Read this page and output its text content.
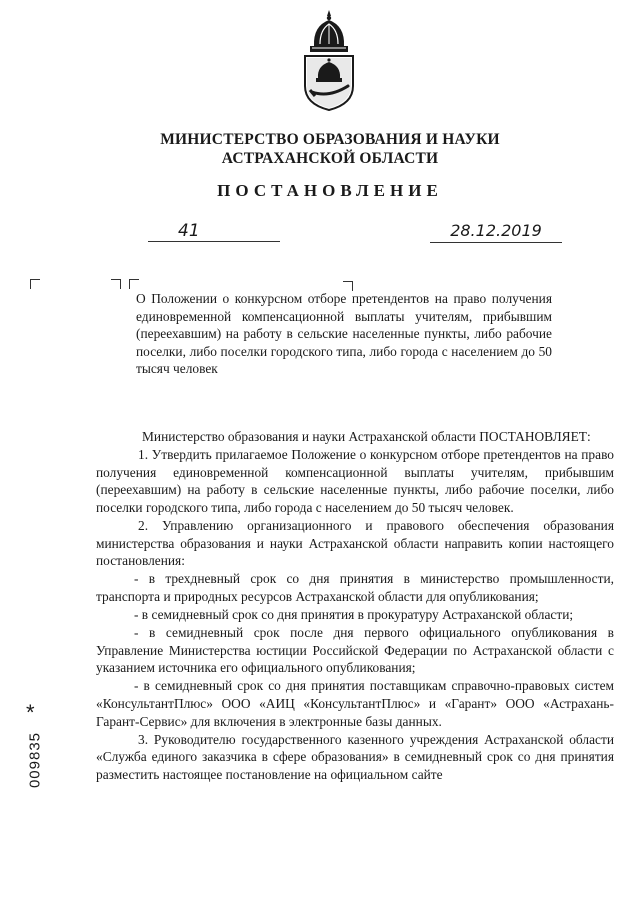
МИНИСТЕРСТВО ОБРАЗОВАНИЯ И НАУКИ
АСТРАХАНСКОЙ ОБЛАСТИ
ПОСТАНОВЛЕНИЕ
41	28.12.2019
О Положении о конкурсном отборе претендентов на право получения единовременной компенсационной выплаты учителям, прибывшим (переехавшим) на работу в сельские населенные пункты, либо рабочие поселки, либо поселки городского типа, либо города с населением до 50 тысяч человек

Министерство образования и науки Астраханской области ПОСТАНОВЛЯЕТ:

1. Утвердить прилагаемое Положение о конкурсном отборе претендентов на право получения единовременной компенсационной выплаты учителям, прибывшим (переехавшим) на работу в сельские населенные пункты, либо рабочие поселки, либо поселки городского типа, либо города с населением до 50 тысяч человек.

2. Управлению организационного и правового обеспечения образования министерства образования и науки Астраханской области направить копии настоящего постановления:

- в трехдневный срок со дня принятия в министерство промышленности, транспорта и природных ресурсов Астраханской области для опубликования;

- в семидневный срок со дня принятия в прокуратуру Астраханской области;

- в семидневный срок после дня первого официального опубликования в Управление Министерства юстиции Российской Федерации по Астраханской области с указанием источника его официального опубликования;

- в семидневный срок со дня принятия поставщикам справочно-правовых систем «КонсультантПлюс» ООО «АИЦ «КонсультантПлюс» и «Гарант» ООО «Астрахань-Гарант-Сервис» для включения в электронные базы данных.

3. Руководителю государственного казенного учреждения Астраханской области «Служба единого заказчика в сфере образования» в семидневный срок со дня принятия разместить настоящее постановление на официальном сайте

*
009835
